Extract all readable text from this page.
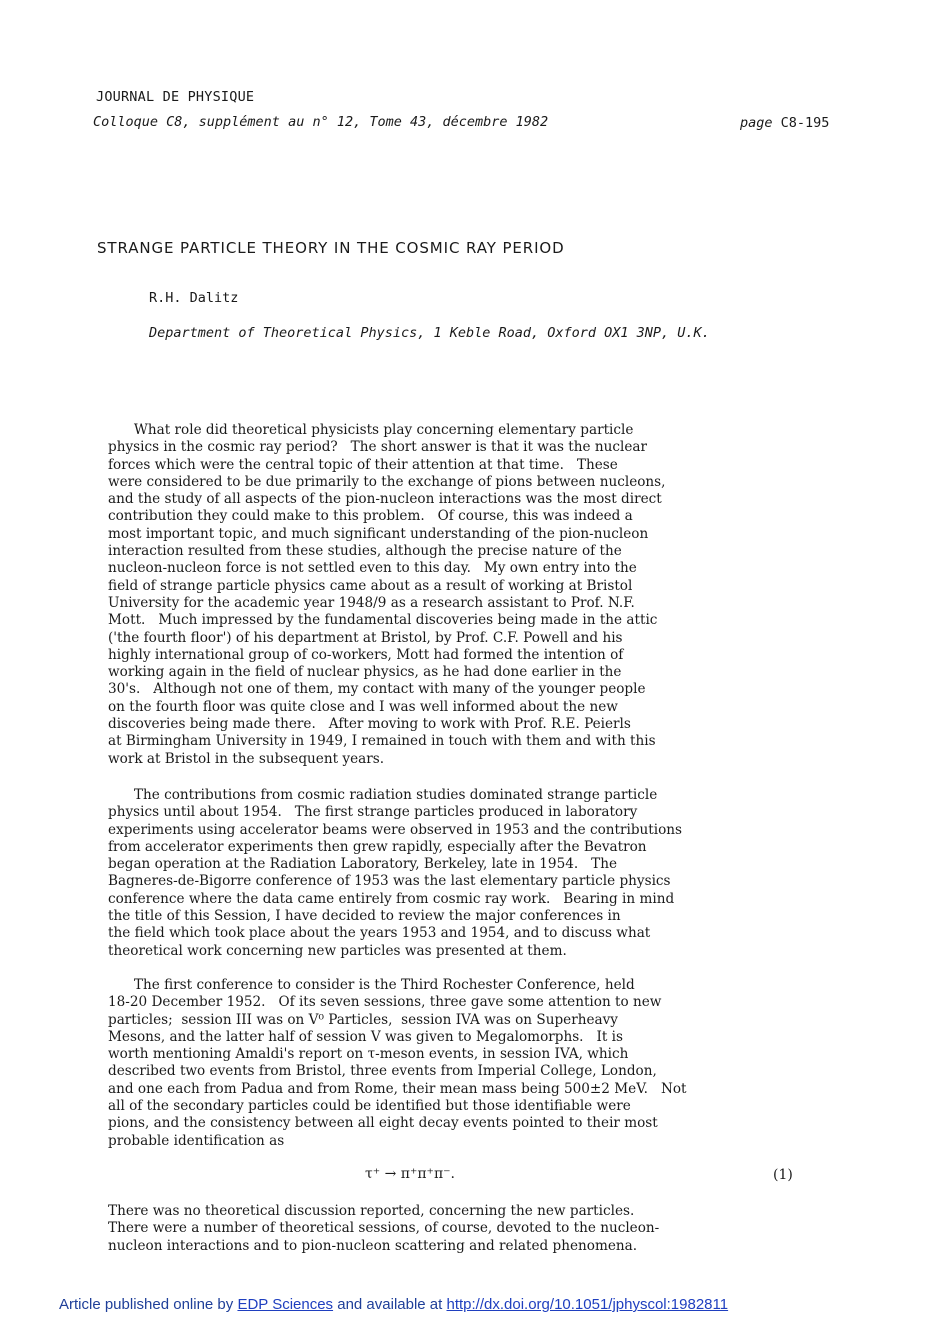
JOURNAL DE PHYSIQUE
Colloque C8, supplément au n° 12, Tome 43, décembre 1982	page C8-195
STRANGE PARTICLE THEORY IN THE COSMIC RAY PERIOD
R.H. Dalitz
Department of Theoretical Physics, 1 Keble Road, Oxford OX1 3NP, U.K.
What role did theoretical physicists play concerning elementary particle
physics in the cosmic ray period?   The short answer is that it was the nuclear
forces which were the central topic of their attention at that time.   These
were considered to be due primarily to the exchange of pions between nucleons,
and the study of all aspects of the pion-nucleon interactions was the most direct
contribution they could make to this problem.   Of course, this was indeed a
most important topic, and much significant understanding of the pion-nucleon
interaction resulted from these studies, although the precise nature of the
nucleon-nucleon force is not settled even to this day.   My own entry into the
field of strange particle physics came about as a result of working at Bristol
University for the academic year 1948/9 as a research assistant to Prof. N.F.
Mott.   Much impressed by the fundamental discoveries being made in the attic
('the fourth floor') of his department at Bristol, by Prof. C.F. Powell and his
highly international group of co-workers, Mott had formed the intention of
working again in the field of nuclear physics, as he had done earlier in the
30's.   Although not one of them, my contact with many of the younger people
on the fourth floor was quite close and I was well informed about the new
discoveries being made there.   After moving to work with Prof. R.E. Peierls
at Birmingham University in 1949, I remained in touch with them and with this
work at Bristol in the subsequent years.
The contributions from cosmic radiation studies dominated strange particle
physics until about 1954.   The first strange particles produced in laboratory
experiments using accelerator beams were observed in 1953 and the contributions
from accelerator experiments then grew rapidly, especially after the Bevatron
began operation at the Radiation Laboratory, Berkeley, late in 1954.   The
Bagneres-de-Bigorre conference of 1953 was the last elementary particle physics
conference where the data came entirely from cosmic ray work.   Bearing in mind
the title of this Session, I have decided to review the major conferences in
the field which took place about the years 1953 and 1954, and to discuss what
theoretical work concerning new particles was presented at them.
The first conference to consider is the Third Rochester Conference, held
18-20 December 1952.   Of its seven sessions, three gave some attention to new
particles;  session III was on V⁰ Particles,  session IVA was on Superheavy
Mesons, and the latter half of session V was given to Megalomorphs.   It is
worth mentioning Amaldi's report on τ-meson events, in session IVA, which
described two events from Bristol, three events from Imperial College, London,
and one each from Padua and from Rome, their mean mass being 500±2 MeV.   Not
all of the secondary particles could be identified but those identifiable were
pions, and the consistency between all eight decay events pointed to their most
probable identification as
τ⁺ → π⁺π⁺π⁻.	(1)
There was no theoretical discussion reported, concerning the new particles.
There were a number of theoretical sessions, of course, devoted to the nucleon-
nucleon interactions and to pion-nucleon scattering and related phenomena.
Article published online by EDP Sciences and available at http://dx.doi.org/10.1051/jphyscol:1982811
